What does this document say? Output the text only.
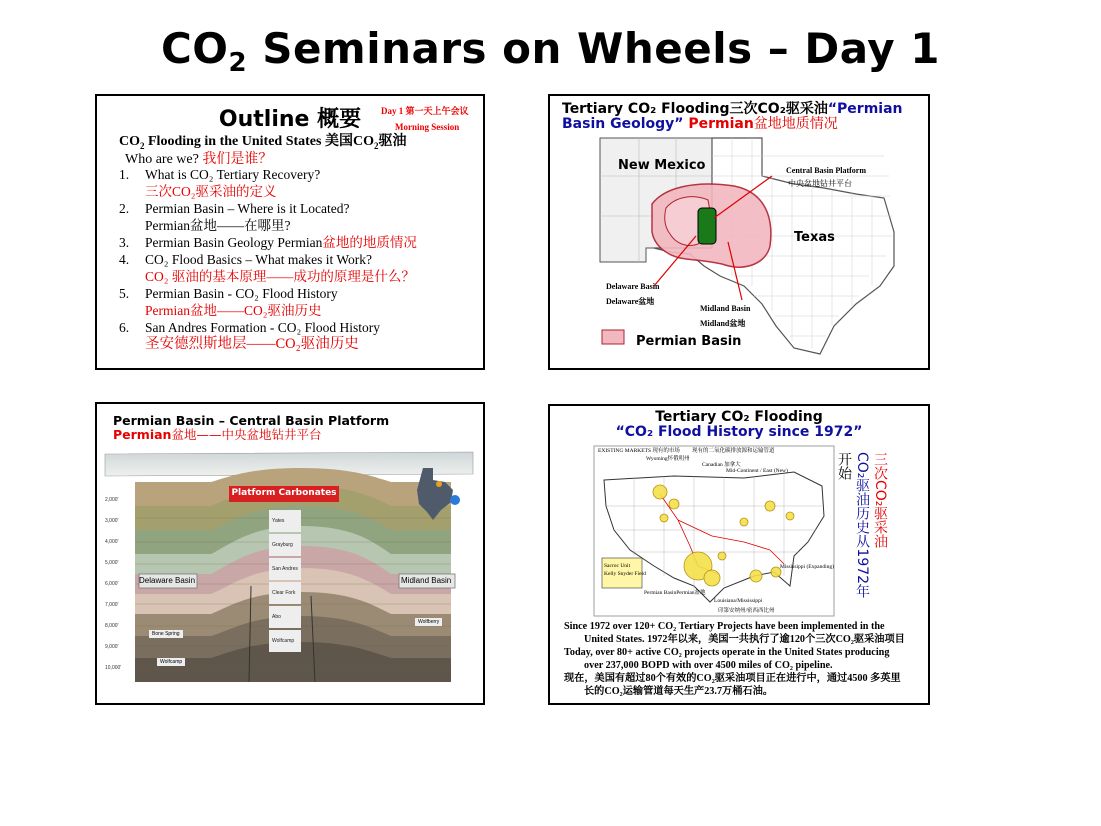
$CO_2$ Seminars on Wheels – Day 1
Outline 概要	Day 1 第一天上午会议
Morning Session
$CO_2$ Flooding in the United States 美国$CO_2$驱油
Who are we? 我们是谁？
1.	What is CO₂ Tertiary Recovery?
三次CO₂驱采油的定义
2.	Permian Basin – Where is it Located?
Permian盆地——在哪里?
3.	Permian Basin Geology Permian盆地的地质情况
4.	CO₂ Flood Basics – What makes it Work?
CO₂ 驱油的基本原理——成功的原理是什么？
5.	Permian Basin - CO₂ Flood History
Permian盆地——CO₂驱油历史
6.	San Andres Formation - CO₂ Flood History
圣安德烈斯地层——CO₂驱油历史
Tertiary CO₂ Flooding三次CO₂驱采油“Permian Basin Geology” Permian盆地地质情况
New Mexico
Texas
Central Basin Platform
中央盆地钻井平台
Delaware Basin
Delaware盆地
Midland Basin
Midland盆地
Permian Basin
Permian Basin – Central Basin Platform
Permian盆地——中央盆地钻井平台
Platform Carbonates
Delaware Basin	Midland Basin
2,000'
3,000'
4,000'
5,000'
6,000'
7,000'
8,000'
9,000'
10,000'
Yates
Grayburg
San Andres
Clear Fork
Abo
Wolfcamp
Bone Spring
Wolfcamp
Wolfberry
Tertiary CO₂ Flooding
“CO₂ Flood History since 1972”
Sacroc Unit
Kelly Snyder Field
EXISTING MARKETS 现有的市场 现有的二氧化碳排放源和运输管道
Wyoming怀俄明州
Canadian 加拿大
Mid-Continent / East (New)
Mississippi (Expanding)
Permian BasinPermian盆地
Louisiana/Mississippi
印第安纳州/密西西比州
三次CO₂驱采油
CO₂驱油历史从1972年
开始
Since 1972 over 120+ CO₂ Tertiary Projects have been implemented in the
United States. 1972年以来，美国一共执行了逾120个三次CO₂驱采油项目
Today, over 80+ active CO₂ projects operate in the United States producing
over 237,000 BOPD with over 4500 miles of CO₂ pipeline.
现在，美国有超过80个有效的CO₂驱采油项目正在进行中，通过4500 多英里
长的CO₂运输管道每天生产23.7万桶石油。
